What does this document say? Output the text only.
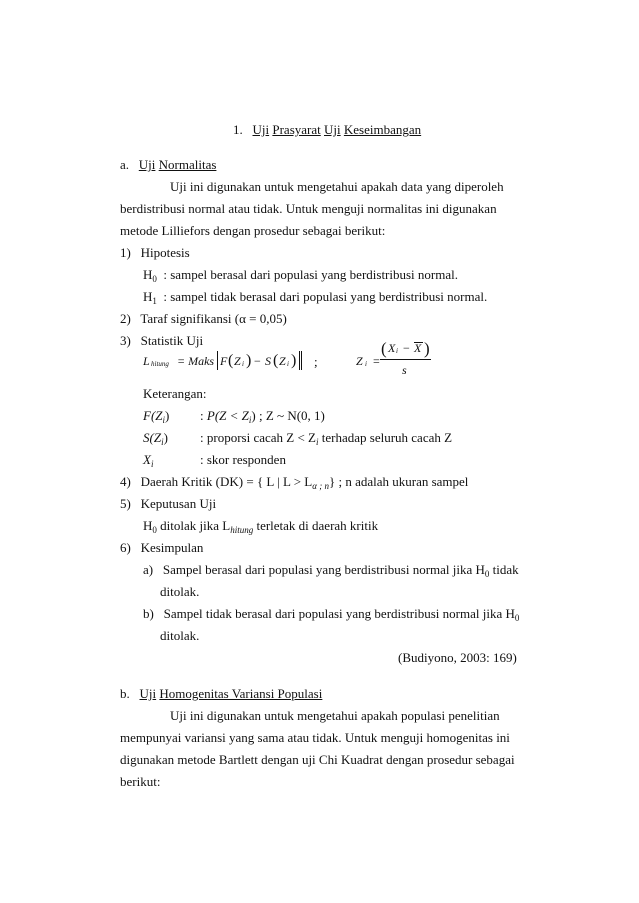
1. Uji Prasyarat Uji Keseimbangan
a. Uji Normalitas
Uji ini digunakan untuk mengetahui apakah data yang diperoleh
berdistribusi normal atau tidak. Untuk menguji normalitas ini digunakan
metode Lilliefors dengan prosedur sebagai berikut:
1) Hipotesis
$H_0$ : sampel berasal dari populasi yang berdistribusi normal.
$H_1$ : sampel tidak berasal dari populasi yang berdistribusi normal.
2) Taraf signifikansi (α = 0,05)
3) Statistik Uji
L hitung = Maks F ( Z i ) − S ( Z i ) ;	Z i =
( X i − X )
s
Keterangan:
$F(Z_i)$ : $P(Z < Z_i)$ ; Z ~ N(0, 1)
$S(Z_i)$ : proporsi cacah $Z < Z_i$ terhadap seluruh cacah Z
$X_i$	: skor responden
4) Daerah Kritik (DK) = { L | $L > L_{\alpha ; n}$} ; n adalah ukuran sampel
5) Keputusan Uji
$H_0$ ditolak jika $L_{hitung}$ terletak di daerah kritik
6) Kesimpulan
a) Sampel berasal dari populasi yang berdistribusi normal jika $H_0$ tidak
ditolak.
b) Sampel tidak berasal dari populasi yang berdistribusi normal jika $H_0$
ditolak.
(Budiyono, 2003: 169)
b. Uji Homogenitas Variansi Populasi
Uji ini digunakan untuk mengetahui apakah populasi penelitian
mempunyai variansi yang sama atau tidak. Untuk menguji homogenitas ini
digunakan metode Bartlett dengan uji Chi Kuadrat dengan prosedur sebagai
berikut:
